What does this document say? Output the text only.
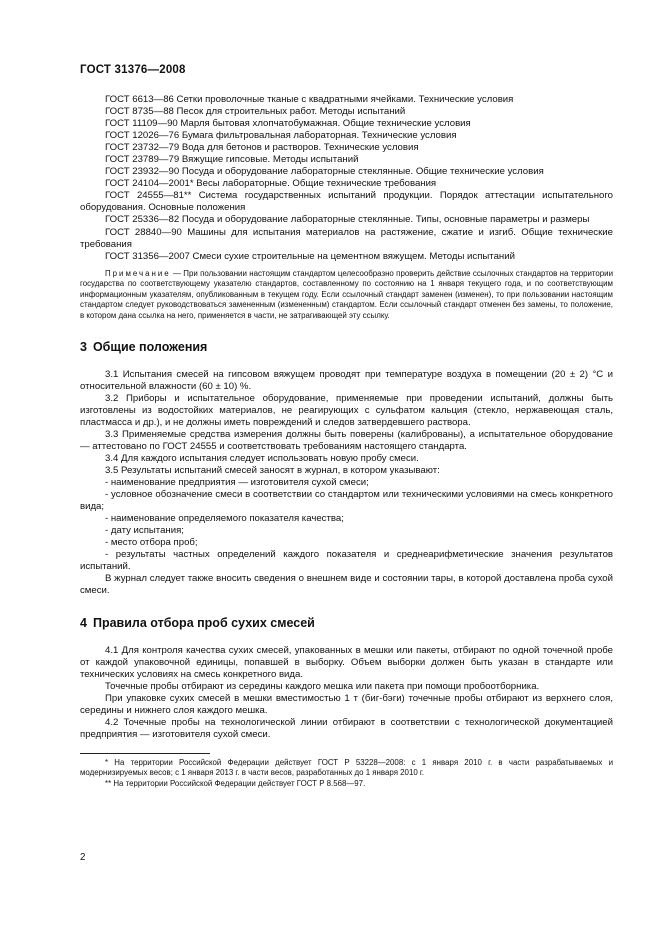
ГОСТ 31376—2008

ГОСТ 6613—86 Сетки проволочные тканые с квадратными ячейками. Технические условия

ГОСТ 8735—88 Песок для строительных работ. Методы испытаний

ГОСТ 11109—90 Марля бытовая хлопчатобумажная. Общие технические условия

ГОСТ 12026—76 Бумага фильтровальная лабораторная. Технические условия

ГОСТ 23732—79 Вода для бетонов и растворов. Технические условия

ГОСТ 23789—79 Вяжущие гипсовые. Методы испытаний

ГОСТ 23932—90 Посуда и оборудование лабораторные стеклянные. Общие технические условия

ГОСТ 24104—2001* Весы лабораторные. Общие технические требования

ГОСТ 24555—81** Система государственных испытаний продукции. Порядок аттестации испытательного оборудования. Основные положения

ГОСТ 25336—82 Посуда и оборудование лабораторные стеклянные. Типы, основные параметры и размеры

ГОСТ 28840—90 Машины для испытания материалов на растяжение, сжатие и изгиб. Общие технические требования

ГОСТ 31356—2007 Смеси сухие строительные на цементном вяжущем. Методы испытаний

Примечание — При пользовании настоящим стандартом целесообразно проверить действие ссылочных стандартов на территории государства по соответствующему указателю стандартов, составленному по состоянию на 1 января текущего года, и по соответствующим информационным указателям, опубликованным в текущем году. Если ссылочный стандарт заменен (изменен), то при пользовании настоящим стандартом следует руководствоваться замененным (измененным) стандартом. Если ссылочный стандарт отменен без замены, то положение, в котором дана ссылка на него, применяется в части, не затрагивающей эту ссылку.

3 Общие положения

3.1 Испытания смесей на гипсовом вяжущем проводят при температуре воздуха в помещении (20 ± 2) °С и относительной влажности (60 ± 10) %.

3.2 Приборы и испытательное оборудование, применяемые при проведении испытаний, должны быть изготовлены из водостойких материалов, не реагирующих с сульфатом кальция (стекло, нержавеющая сталь, пластмасса и др.), и не должны иметь повреждений и следов затвердевшего раствора.

3.3 Применяемые средства измерения должны быть поверены (калиброваны), а испытательное оборудование — аттестовано по ГОСТ 24555 и соответствовать требованиям настоящего стандарта.

3.4 Для каждого испытания следует использовать новую пробу смеси.

3.5 Результаты испытаний смесей заносят в журнал, в котором указывают:

- наименование предприятия — изготовителя сухой смеси;

- условное обозначение смеси в соответствии со стандартом или техническими условиями на смесь конкретного вида;

- наименование определяемого показателя качества;

- дату испытания;

- место отбора проб;

- результаты частных определений каждого показателя и среднеарифметические значения результатов испытаний.

В журнал следует также вносить сведения о внешнем виде и состоянии тары, в которой доставлена проба сухой смеси.

4 Правила отбора проб сухих смесей

4.1 Для контроля качества сухих смесей, упакованных в мешки или пакеты, отбирают по одной точечной пробе от каждой упаковочной единицы, попавшей в выборку. Объем выборки должен быть указан в стандарте или технических условиях на смесь конкретного вида.

Точечные пробы отбирают из середины каждого мешка или пакета при помощи пробоотборника.

При упаковке сухих смесей в мешки вместимостью 1 т (биг-бэги) точечные пробы отбирают из верхнего слоя, середины и нижнего слоя каждого мешка.

4.2 Точечные пробы на технологической линии отбирают в соответствии с технологической документацией предприятия — изготовителя сухой смеси.

* На территории Российской Федерации действует ГОСТ Р 53228—2008: с 1 января 2010 г. в части разрабатываемых и модернизируемых весов; с 1 января 2013 г. в части весов, разработанных до 1 января 2010 г.

** На территории Российской Федерации действует ГОСТ Р 8.568—97.

2
